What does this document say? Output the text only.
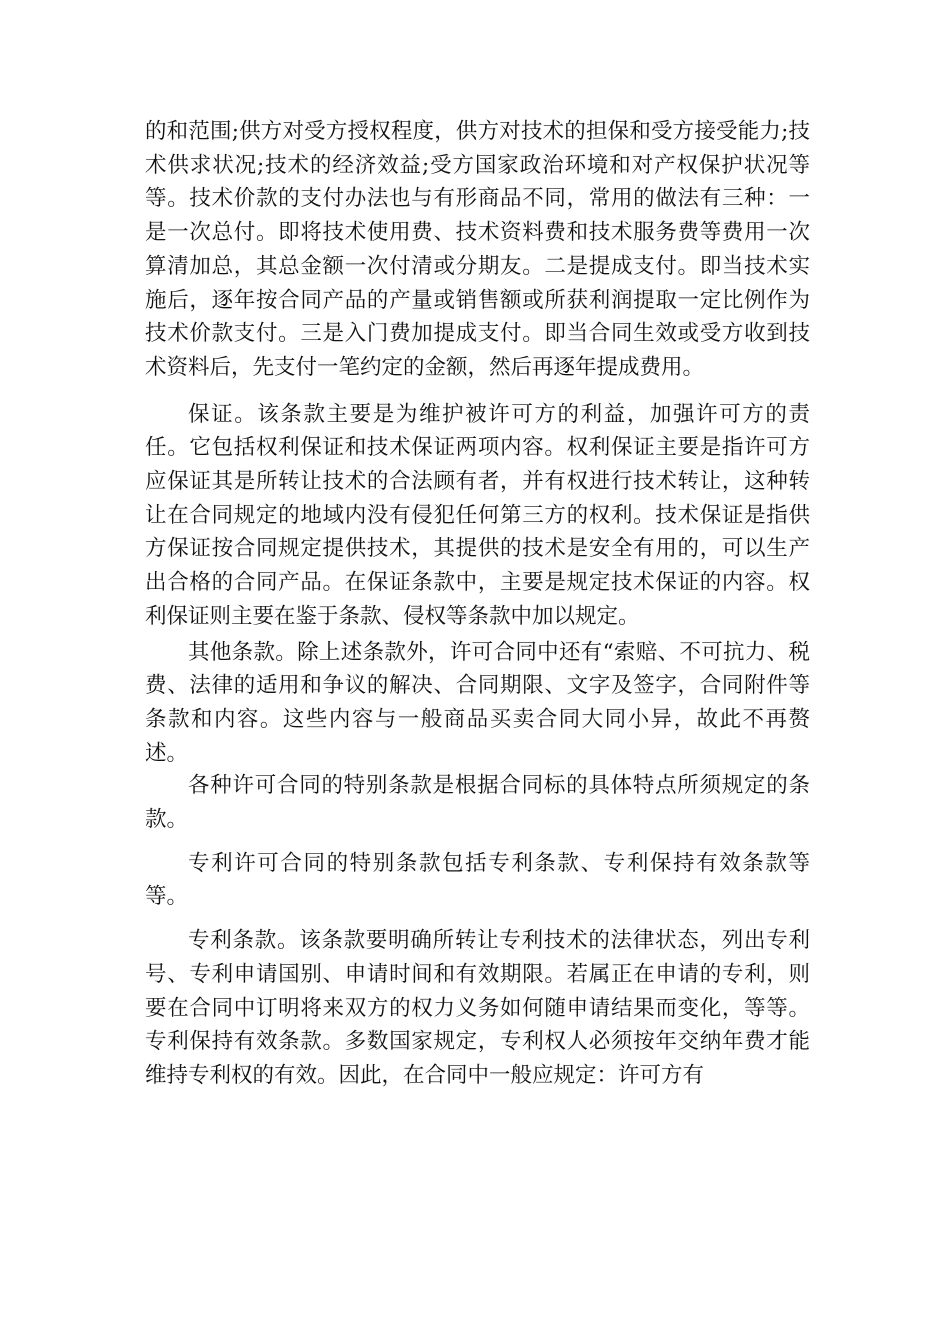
的和范围;供方对受方授权程度，供方对技术的担保和受方接受能力;技术供求状况;技术的经济效益;受方国家政治环境和对产权保护状况等等。技术价款的支付办法也与有形商品不同，常用的做法有三种：一是一次总付。即将技术使用费、技术资料费和技术服务费等费用一次算清加总，其总金额一次付清或分期友。二是提成支付。即当技术实施后，逐年按合同产品的产量或销售额或所获利润提取一定比例作为技术价款支付。三是入门费加提成支付。即当合同生效或受方收到技术资料后，先支付一笔约定的金额，然后再逐年提成费用。

保证。该条款主要是为维护被许可方的利益，加强许可方的责任。它包括权利保证和技术保证两项内容。权利保证主要是指许可方应保证其是所转让技术的合法顾有者，并有权进行技术转让，这种转让在合同规定的地域内没有侵犯任何第三方的权利。技术保证是指供方保证按合同规定提供技术，其提供的技术是安全有用的，可以生产出合格的合同产品。在保证条款中，主要是规定技术保证的内容。权利保证则主要在鉴于条款、侵权等条款中加以规定。

其他条款。除上述条款外，许可合同中还有“索赔、不可抗力、税费、法律的适用和争议的解决、合同期限、文字及签字，合同附件等条款和内容。这些内容与一般商品买卖合同大同小异，故此不再赘述。

各种许可合同的特别条款是根据合同标的具体特点所须规定的条款。

专利许可合同的特别条款包括专利条款、专利保持有效条款等等。

专利条款。该条款要明确所转让专利技术的法律状态，列出专利号、专利申请国别、申请时间和有效期限。若属正在申请的专利，则要在合同中订明将来双方的权力义务如何随申请结果而变化，等等。 专利保持有效条款。多数国家规定，专利权人必须按年交纳年费才能维持专利权的有效。因此，在合同中一般应规定：许可方有
